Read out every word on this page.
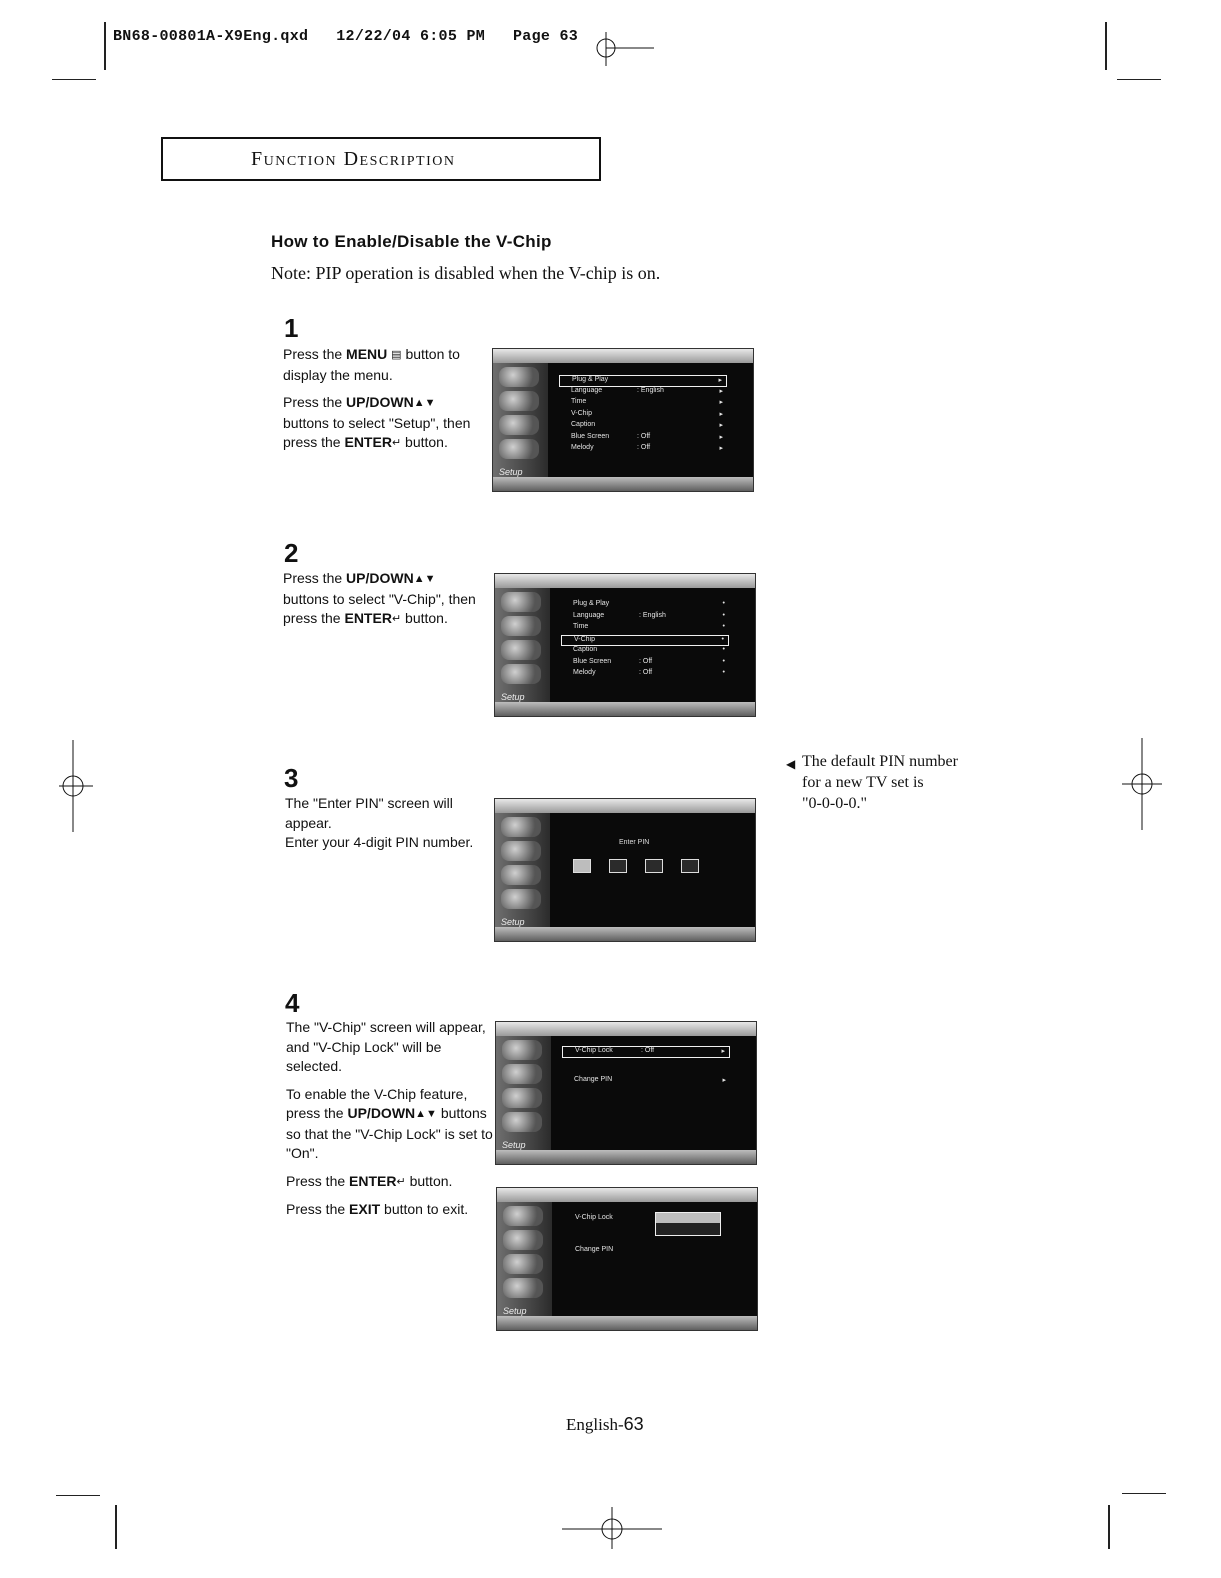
BN68-00801A-X9Eng.qxd   12/22/04 6:05 PM   Page 63
Function Description
How to Enable/Disable the V-Chip
Note: PIP operation is disabled when the V-chip is on.
1

Press the MENU ▤ button to display the menu.

Press the UP/DOWN▲▼ buttons to select "Setup", then press the ENTER↵ button.

Setup
Plug & Play	▸
Language	: English	▸
Time	▸
V-Chip	▸
Caption	▸
Blue Screen	: Off	▸
Melody	: Off	▸
2

Press the UP/DOWN▲▼ buttons to select "V-Chip", then press the ENTER↵ button.

Setup
Plug & Play	•
Language	: English	•
Time	•
V-Chip	•
Caption	•
Blue Screen	: Off	•
Melody	: Off	•
3

The "Enter PIN" screen will appear.

Enter your 4-digit PIN number.

Setup
Enter PIN
◀ The default PIN number
for a new TV set is
"0-0-0-0."
4

The "V-Chip" screen will appear, and "V-Chip Lock" will be selected.

To enable the V-Chip feature, press the UP/DOWN▲▼ buttons so that the "V-Chip Lock" is set to "On".

Press the ENTER↵ button.

Press the EXIT button to exit.

Setup
V-Chip Lock	: Off	▸
Change PIN	▸
Setup
V-Chip Lock
Change PIN
English-63
